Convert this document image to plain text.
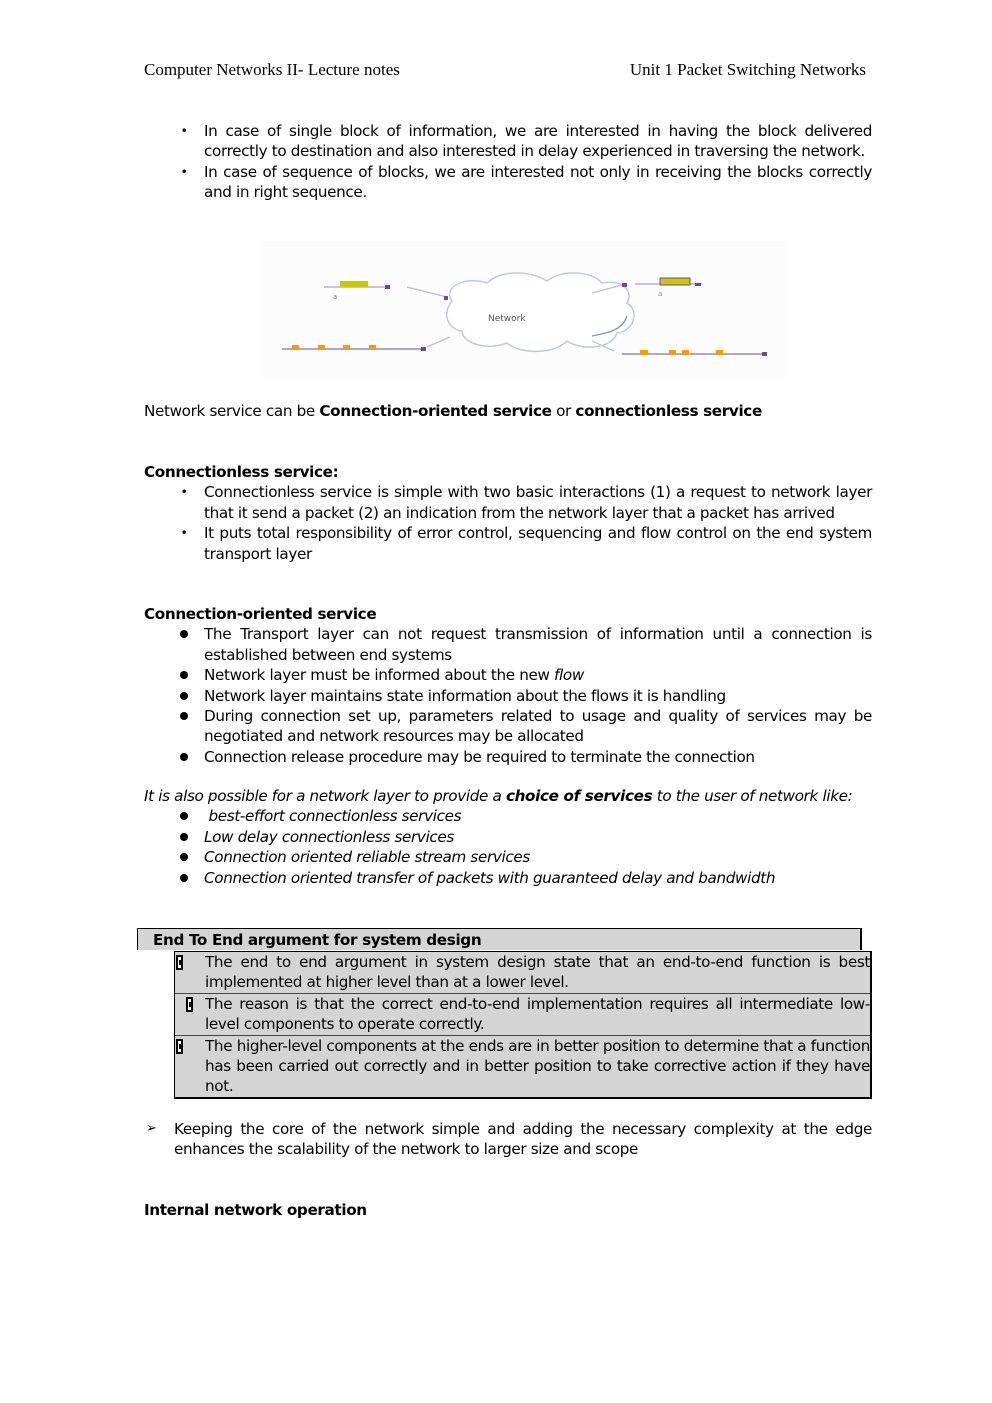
Computer Networks II- Lecture notes	Unit 1 Packet Switching Networks
•	In case of single block of information, we are interested in having the block delivered correctly to destination and also interested in delay experienced in traversing the network.
•	In case of sequence of blocks, we are interested not only in receiving the blocks correctly and in right sequence.
Network
a	a
Network service can be Connection-oriented service or connectionless service
Connectionless service:
•	Connectionless service is simple with two basic interactions (1) a request to network layer that it send a packet (2) an indication from the network layer that a packet has arrived
•	It puts total responsibility of error control, sequencing and flow control on the end system transport layer
Connection-oriented service
The Transport layer can not request transmission of information until a connection is established between end systems
Network layer must be informed about the new flow
Network layer maintains state information about the flows it is handling
During connection set up, parameters related to usage and quality of services may be negotiated and network resources may be allocated
Connection release procedure may be required to terminate the connection
It is also possible for a network layer to provide a choice of services to the user of network like:
best-effort connectionless services
Low delay connectionless services
Connection oriented reliable stream services
Connection oriented transfer of packets with guaranteed delay and bandwidth
End To End argument for system design
The end to end argument in system design state that an end-to-end function is best implemented at higher level than at a lower level.
The reason is that the correct end-to-end implementation requires all intermediate low-level components to operate correctly.
The higher-level components at the ends are in better position to determine that a function has been carried out correctly and in better position to take corrective action if they have not.
➢	Keeping the core of the network simple and adding the necessary complexity at the edge enhances the scalability of the network to larger size and scope
Internal network operation
